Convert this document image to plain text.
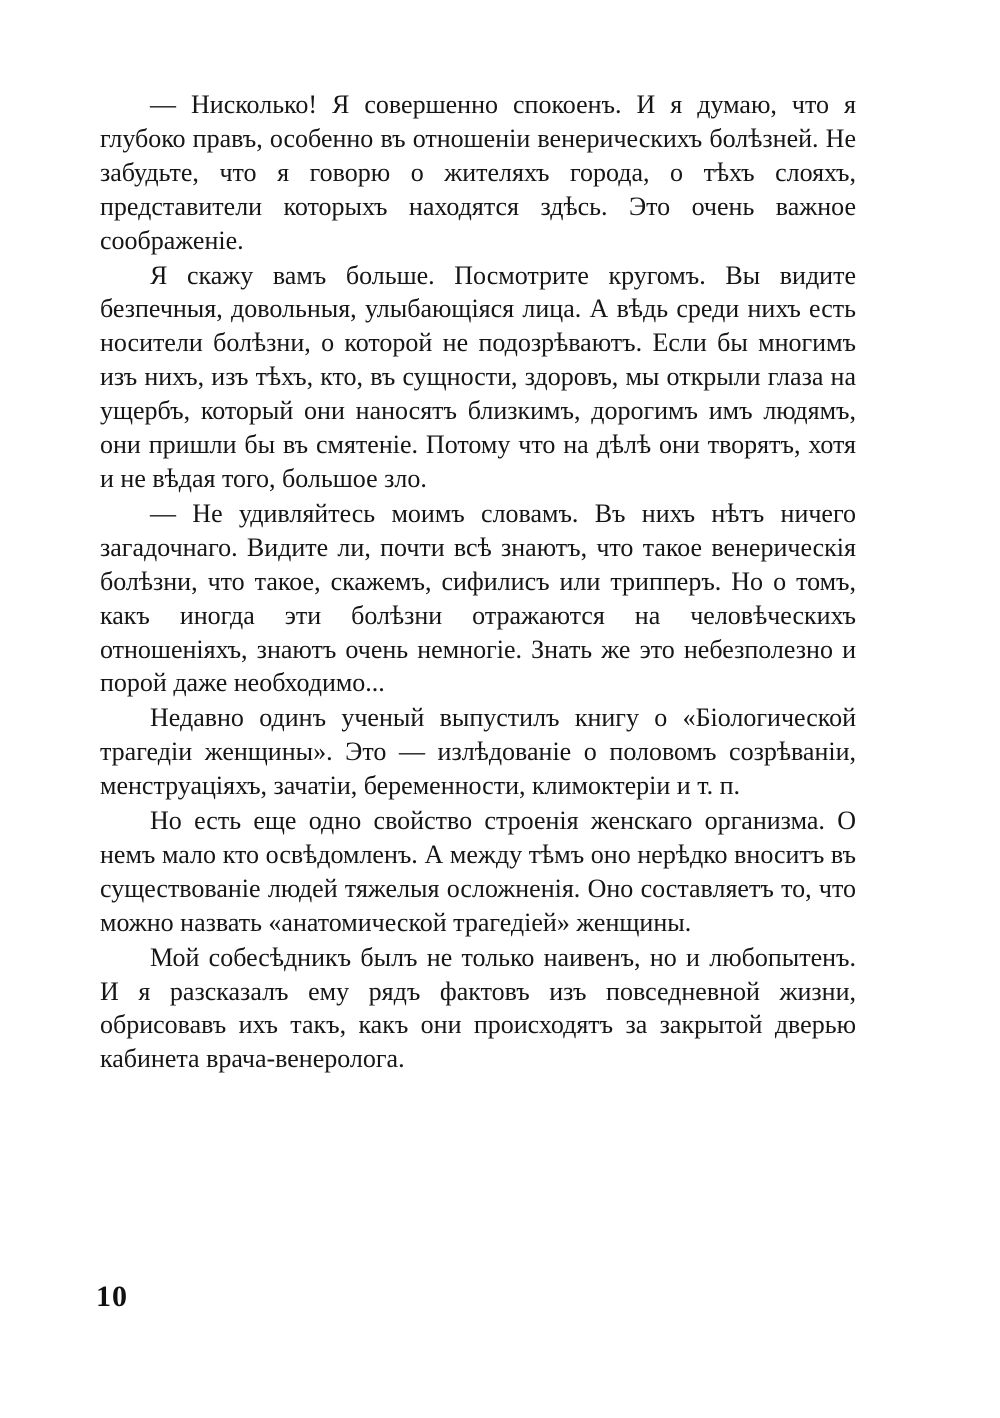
— Нисколько! Я совершенно спокоенъ. И я думаю, что я глубоко правъ, особенно въ отношенiи венерическихъ болѣзней. Не забудьте, что я говорю о жителяхъ города, о тѣхъ слояхъ, представители которыхъ находятся здѣсь. Это очень важное соображенiе.

Я скажу вамъ больше. Посмотрите кругомъ. Вы видите безпечныя, довольныя, улыбающiяся лица. А вѣдь среди нихъ есть носители болѣзни, о которой не подозрѣваютъ. Если бы многимъ изъ нихъ, изъ тѣхъ, кто, въ сущности, здоровъ, мы открыли глаза на ущербъ, который они наносятъ близкимъ, дорогимъ имъ людямъ, они пришли бы въ смятенiе. Потому что на дѣлѣ они творятъ, хотя и не вѣдая того, большое зло.

— Не удивляйтесь моимъ словамъ. Въ нихъ нѣтъ ничего загадочнаго. Видите ли, почти всѣ знаютъ, что такое венерическiя болѣзни, что такое, скажемъ, сифилисъ или трипперъ. Но о томъ, какъ иногда эти болѣзни отражаются на человѣческихъ отношенiяхъ, знаютъ очень немногiе. Знать же это небезполезно и порой даже необходимо...

Недавно одинъ ученый выпустилъ книгу о «Бiологической трагедiи женщины». Это — излѣдованiе о половомъ созрѣванiи, менструацiяхъ, зачатiи, беременности, климоктерiи и т. п.

Но есть еще одно свойство строенiя женскаго организма. О немъ мало кто освѣдомленъ. А между тѣмъ оно нерѣдко вноситъ въ существованiе людей тяжелыя осложненiя. Оно составляетъ то, что можно назвать «анатомической трагедiей» женщины.

Мой собесѣдникъ былъ не только наивенъ, но и любопытенъ. И я разсказалъ ему рядъ фактовъ изъ повседневной жизни, обрисовавъ ихъ такъ, какъ они происходятъ за закрытой дверью кабинета врача-венеролога.

10
